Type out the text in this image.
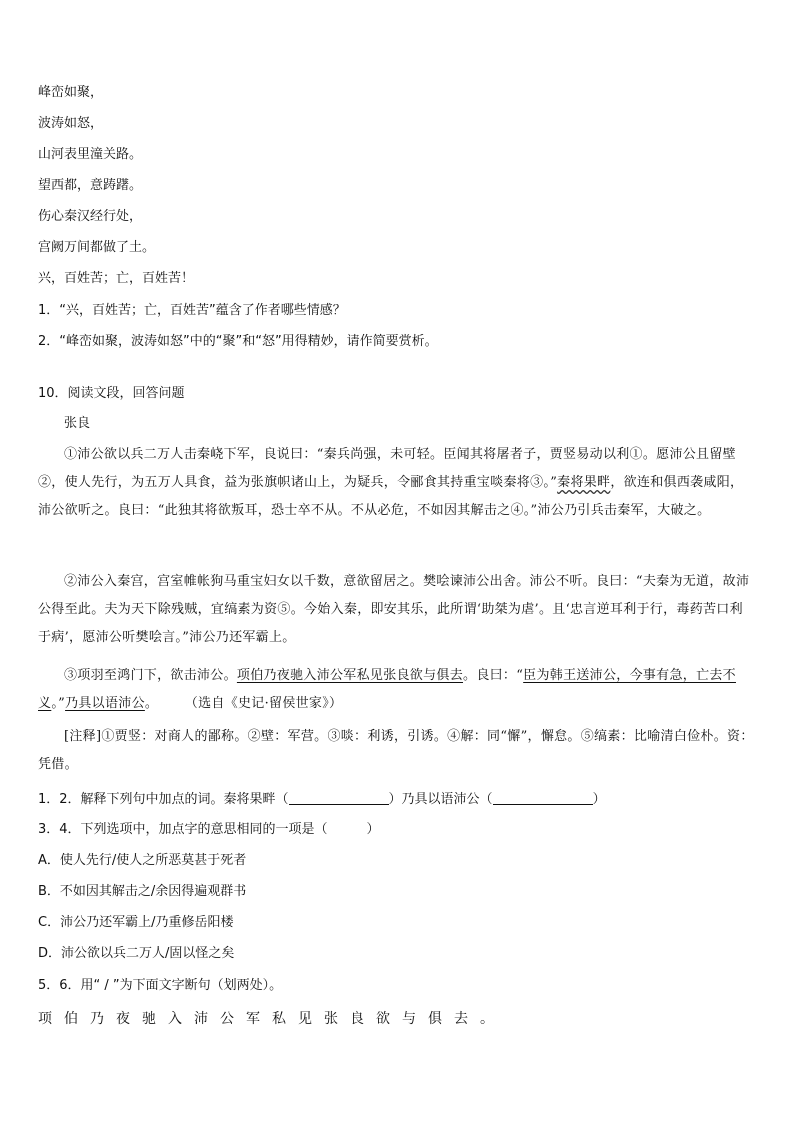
峰峦如聚，
波涛如怒，
山河表里潼关路。
望西都，意踌躇。
伤心秦汉经行处，
宫阙万间都做了土。
兴，百姓苦；亡，百姓苦！
1．“兴，百姓苦；亡，百姓苦”蕴含了作者哪些情感？
2．“峰峦如聚，波涛如怒”中的“聚”和“怒”用得精妙，请作简要赏析。
10．阅读文段，回答问题
张良
①沛公欲以兵二万人击秦峣下军，良说曰：“秦兵尚强，未可轻。臣闻其将屠者子，贾竖易动以利①。愿沛公且留壁②，使人先行，为五万人具食，益为张旗帜诸山上，为疑兵，令郦食其持重宝啖秦将③。”秦将果畔，欲连和俱西袭咸阳，沛公欲听之。良曰：“此独其将欲叛耳，恐士卒不从。不从必危，不如因其解击之④。”沛公乃引兵击秦军，大破之。
②沛公入秦宫，宫室帷帐狗马重宝妇女以千数，意欲留居之。樊哙谏沛公出舍。沛公不听。良曰：“夫秦为无道，故沛公得至此。夫为天下除残贼，宜缟素为资⑤。今始入秦，即安其乐，此所谓‘助桀为虐’。且‘忠言逆耳利于行，毒药苦口利于病’，愿沛公听樊哙言。”沛公乃还军霸上。
③项羽至鸿门下，欲击沛公。项伯乃夜驰入沛公军私见张良欲与俱去。良曰：“臣为韩王送沛公，今事有急，亡去不义。”乃具以语沛公。 （选自《史记·留侯世家》）
[注释]①贾竖：对商人的鄙称。②壁：军营。③啖：利诱，引诱。④解：同“懈”，懈怠。⑤缟素：比喻清白俭朴。资：凭借。
1．2．解释下列句中加点的词。秦将果畔（	）乃具以语沛公（	）
3．4．下列选项中，加点字的意思相同的一项是（　　　）
A．使人先行/使人之所恶莫甚于死者
B．不如因其解击之/余因得遍观群书
C．沛公乃还军霸上/乃重修岳阳楼
D．沛公欲以兵二万人/固以怪之矣
5．6．用“ / ”为下面文字断句（划两处）。
项伯乃夜驰入沛公军私见张良欲与俱去。
